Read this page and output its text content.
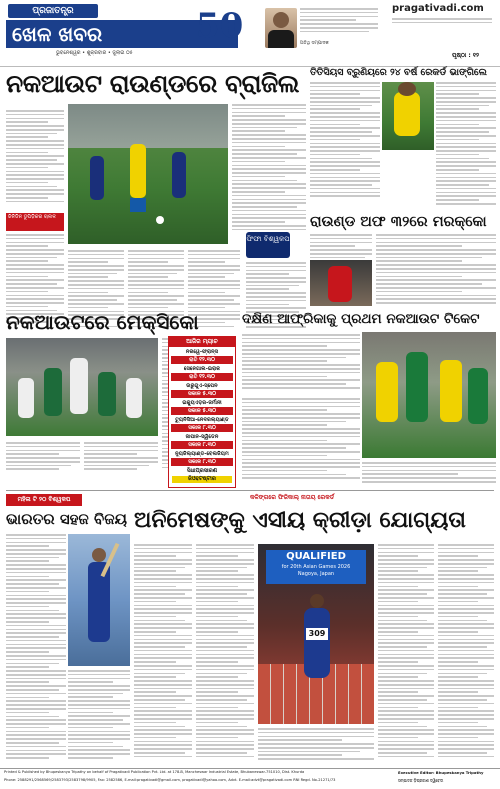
ପ୍ରଜାତନ୍ତ୍ର
ଖେଳ ଖବର
ଭୁବନେଶ୍ୱର • ଶୁକ୍ରବାର • ଜୁଲାଇ ୦୫
50	ଅତିଥି ସମ୍ପାଦକ
pragativadi.com
ପୃଷ୍ଠା : ୧୨
ନକଆଉଟ ରାଉଣ୍ଡରେ ବ୍ରାଜିଲ
ଜିନିଡିନ ଡୁପିଡ଼ିକର ଚାଲଳ
ଫିଫା ବିଶ୍ୱକପ
ତିତିସିୟସ ବ୍ରୁଣିୟରେ ୨୪ ବର୍ଷ ରେକର୍ଡ ଭାଙ୍ଗିଲେ
ରାଉଣ୍ଡ ଅଫ ୩୨ରେ ମରକ୍କୋ
ନକଆଉଟରେ ମେକ୍ସିକୋ
ଆଜିର ମ୍ୟାଚ
ନରୱେ-ଫ୍ରାନ୍ସ
ରାତି ୧୨.୩୦
ସେନେଗାଲ-ଇରାକ
ରାତି ୧୨.୩୦
ଉରୁଗୁଏ-ସ୍ପେନ
ସକାଳ ୫.୩୦
ଇକ୍ୟୁଏଡ଼ର-ଜର୍ମାନୀ
ସକାଳ ୫.୩୦
ଟ୍ୟୁନିସିଆ-ନେଦରଲ୍ୟାଣ୍ଡ
ସକାଳ ୮.୩୦
ଜାପାନ-ସ୍ୱିଡେନ
ସକାଳ ୮.୩୦
ନ୍ୟୁଜିଲ୍ୟାଣ୍ଡ-ବେଲଜିୟମ
ସକାଳ ୮.୩୦
ସିଧାପ୍ରସାରଣ
ଜିଓହଟଷ୍ଟାର
ଦକ୍ଷିଣ ଆଫ୍ରିକାକୁ ପ୍ରଥମ ନକଆଉଟ ଟିକେଟ
ମହିଳା ଟି ୨୦ ବିଶ୍ୱକପ
ଭାରତର ସହଜ ବିଜୟ
କଳିଙ୍ଗରେ ଫିଜିକାଲ୍ ନାତାୟ ରେକର୍ଡ
ଅନିମେଷଙ୍କୁ ଏସୀୟ କ୍ରୀଡ଼ା ଯୋଗ୍ୟତା
QUALIFIED
for 20th Asian Games 2026
Nagoya, Japan
309
Printed & Published by Bhupeskanya Tripathy on behalf of Pragativadi Publication Pvt. Ltd. at 178-B, Mancheswar Industrial Estate, Bhubaneswar-751010, Dist. Khurda
Phone: 2588291/2568569/2583793/2583798/9905, Fax: 2582586, E-mail:pragativadi@gmail.com, pragativadi@yahoo.com, Advt. E-mail:advt@pragativadi.com RNI Regd. No-21271/73
Executive Editor: Bhupeskanya Tripathy
ସମ୍ପାଦକ ଡ଼ିପ୍ରକାଶ ଦ୍ୱିବେଦୀ
